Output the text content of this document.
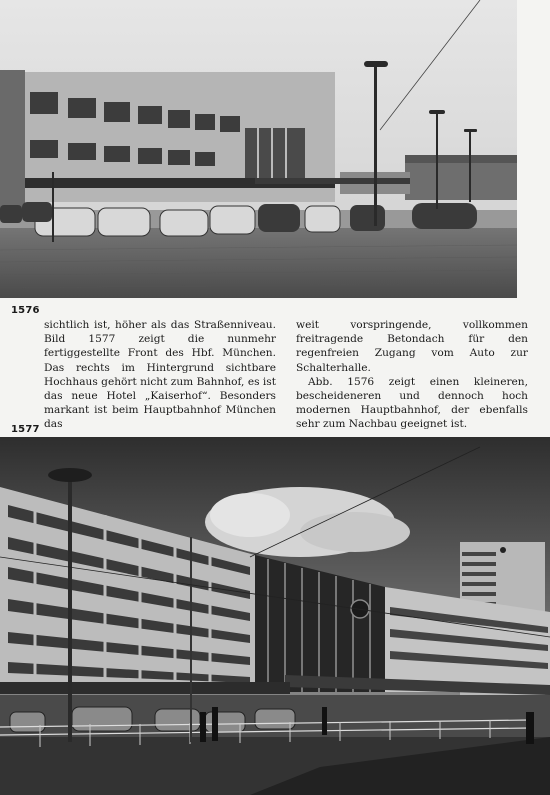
1576

sichtlich ist, höher als das Straßenniveau. Bild 1577 zeigt die nunmehr fertiggestellte Front des Hbf. München. Das rechts im Hintergrund sichtbare Hochhaus gehört nicht zum Bahnhof, es ist das neue Hotel „Kaiserhof“. Besonders markant ist beim Hauptbahnhof München das

weit vorspringende, vollkommen freitragende Betondach für den regenfreien Zugang vom Auto zur Schalterhalle.

Abb. 1576 zeigt einen kleineren, bescheideneren und dennoch hoch modernen Hauptbahnhof, der ebenfalls sehr zum Nachbau geeignet ist.

1577
